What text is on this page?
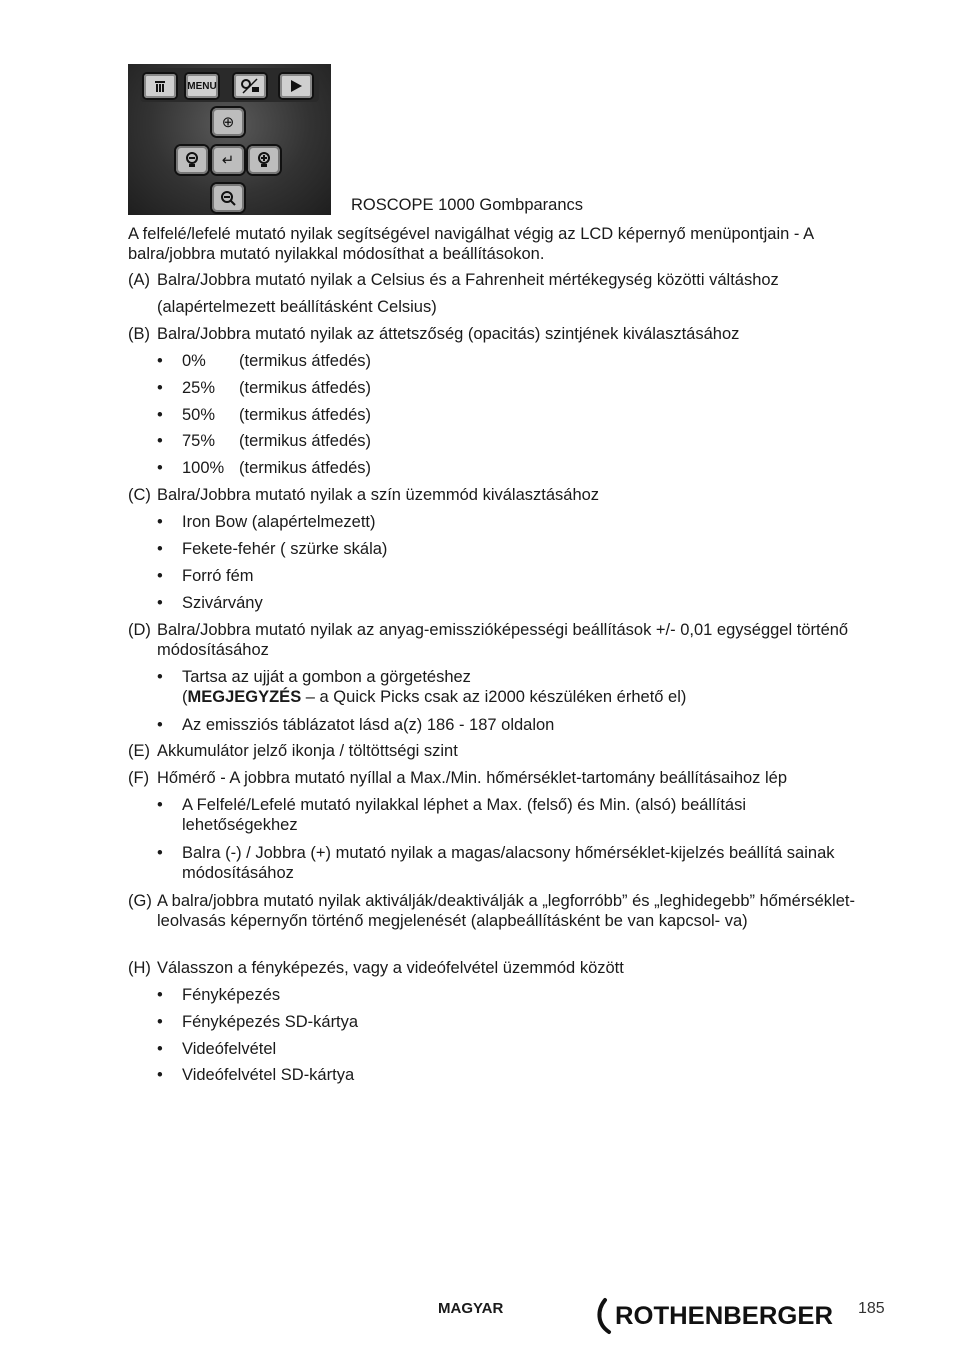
MENU
⊕
↵
ROSCOPE 1000 Gombparancs
A felfelé/lefelé mutató nyilak segítségével navigálhat végig az LCD képernyő menüpontjain - A balra/jobbra mutató nyilakkal módosíthat a beállításokon.
(A) Balra/Jobbra mutató nyilak a Celsius és a Fahrenheit mértékegység közötti váltáshoz
(alapértelmezett beállításként Celsius)
(B) Balra/Jobbra mutató nyilak az áttetszőség (opacitás) szintjének kiválasztásához
• 0% (termikus átfedés)
• 25% (termikus átfedés)
• 50% (termikus átfedés)
• 75% (termikus átfedés)
• 100% (termikus átfedés)
(C) Balra/Jobbra mutató nyilak a szín üzemmód kiválasztásához
• Iron Bow (alapértelmezett)
• Fekete-fehér ( szürke skála)
• Forró fém
• Szivárvány
(D) Balra/Jobbra mutató nyilak az anyag-emisszióképességi beállítások +/- 0,01 egységgel történő módosításához
• Tartsa az ujját a gombon a görgetéshez
(MEGJEGYZÉS – a Quick Picks csak az i2000 készüléken érhető el)
• Az emissziós táblázatot lásd a(z) 186 - 187 oldalon
(E) Akkumulátor jelző ikonja / töltöttségi szint
(F) Hőmérő - A jobbra mutató nyíllal a Max./Min. hőmérséklet-tartomány beállításaihoz lép
• A Felfelé/Lefelé mutató nyilakkal léphet a Max. (felső) és Min. (alsó) beállítási lehetőségekhez
• Balra (-) / Jobbra (+) mutató nyilak a magas/alacsony hőmérséklet-kijelzés beállítá sainak módosításához
(G) A balra/jobbra mutató nyilak aktiválják/deaktiválják a „legforróbb” és „leghidegebb” hőmérséklet-leolvasás képernyőn történő megjelenését (alapbeállításként be van kapcsol- va)
(H) Válasszon a fényképezés, vagy a videófelvétel üzemmód között
• Fényképezés
• Fényképezés SD-kártya
• Videófelvétel
• Videófelvétel SD-kártya
MAGYAR	ROTHENBERGER 185
